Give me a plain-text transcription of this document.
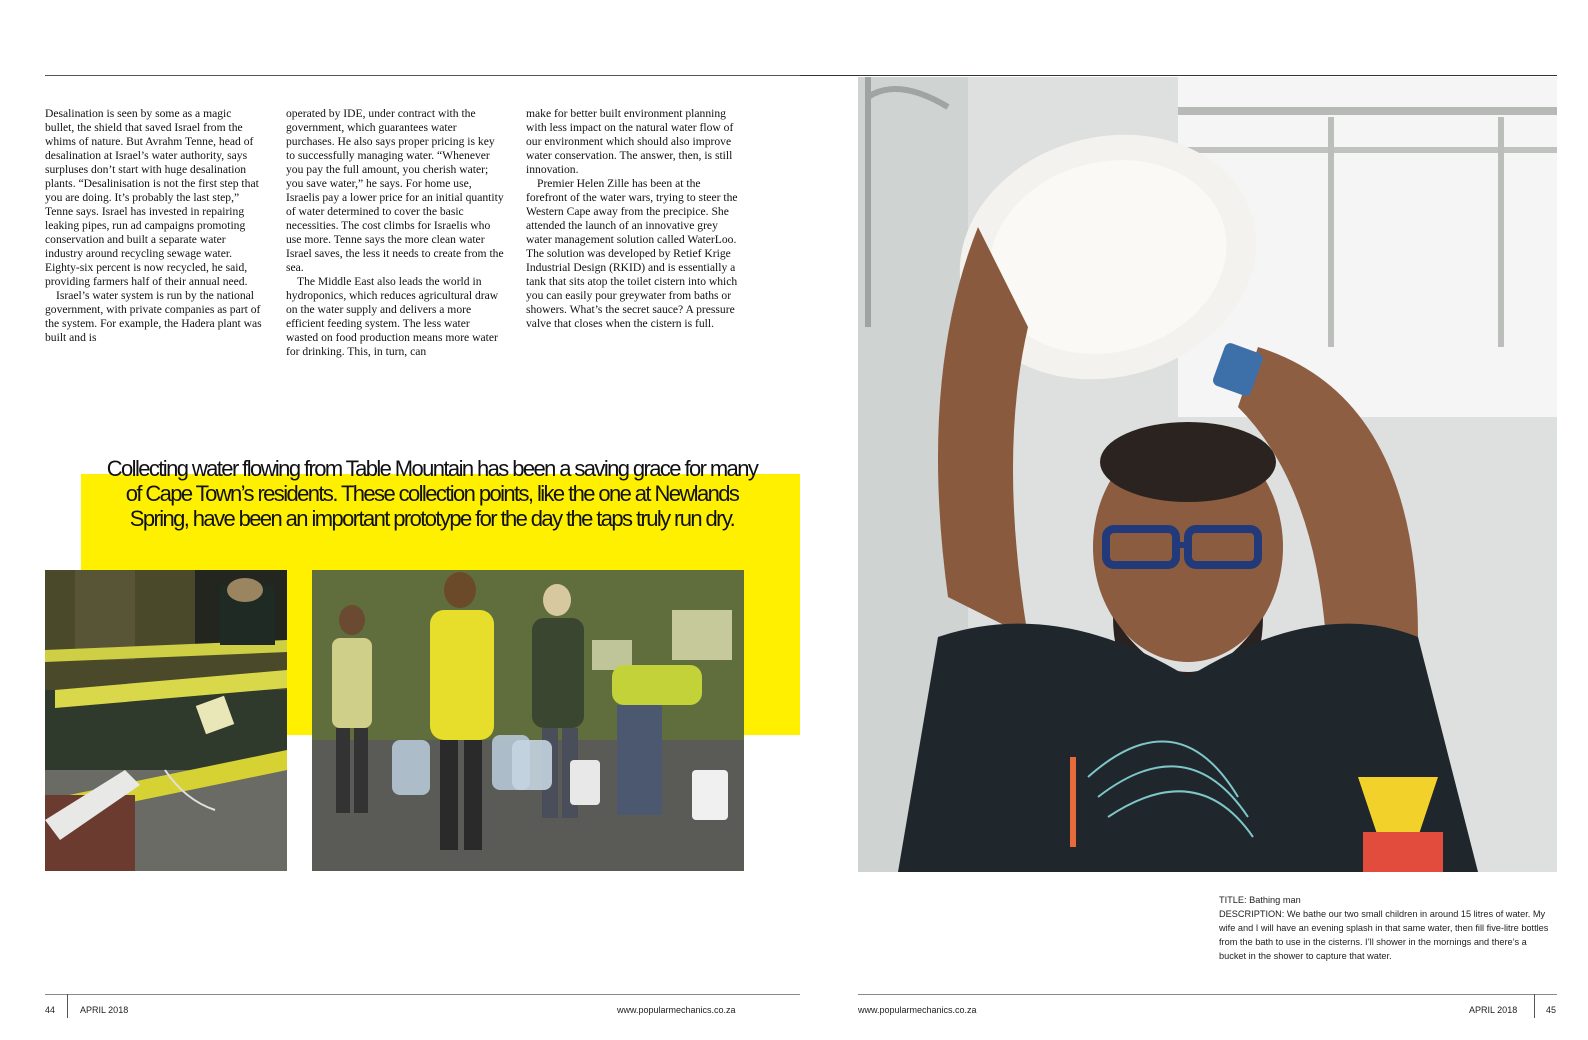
Desalination is seen by some as a magic bullet, the shield that saved Israel from the whims of nature. But Avrahm Tenne, head of desalination at Israel’s water authority, says surpluses don’t start with huge desalination plants. “Desalinisation is not the first step that you are doing. It’s probably the last step,” Tenne says. Israel has invested in repairing leaking pipes, run ad campaigns promoting conservation and built a separate water industry around recycling sewage water. Eighty-six percent is now recycled, he said, providing farmers half of their annual need.

Israel’s water system is run by the national government, with private companies as part of the system. For example, the Hadera plant was built and is

operated by IDE, under contract with the government, which guarantees water purchases. He also says proper pricing is key to successfully managing water. “Whenever you pay the full amount, you cherish water; you save water,” he says. For home use, Israelis pay a lower price for an initial quantity of water determined to cover the basic necessities. The cost climbs for Israelis who use more. Tenne says the more clean water Israel saves, the less it needs to create from the sea.

The Middle East also leads the world in hydroponics, which reduces agricultural draw on the water supply and delivers a more efficient feeding system. The less water wasted on food production means more water for drinking. This, in turn, can

make for better built environment planning with less impact on the natural water flow of our environment which should also improve water conservation. The answer, then, is still innovation.

Premier Helen Zille has been at the forefront of the water wars, trying to steer the Western Cape away from the precipice. She attended the launch of an innovative grey water management solution called WaterLoo. The solution was developed by Retief Krige Industrial Design (RKID) and is essentially a tank that sits atop the toilet cistern into which you can easily pour greywater from baths or showers. What’s the secret sauce? A pressure valve that closes when the cistern is full.

Collecting water flowing from Table Mountain has been a saving grace for many
of Cape Town’s residents. These collection points, like the one at Newlands
Spring, have been an important prototype for the day the taps truly run dry.
TITLE: Bathing man
DESCRIPTION: We bathe our two small children in around 15 litres of water. My wife and I will have an evening splash in that same water, then fill five-litre bottles from the bath to use in the cisterns. I’ll shower in the mornings and there’s a bucket in the shower to capture that water.
44	APRIL 2018	www.popularmechanics.co.za	www.popularmechanics.co.za	APRIL 2018	45
